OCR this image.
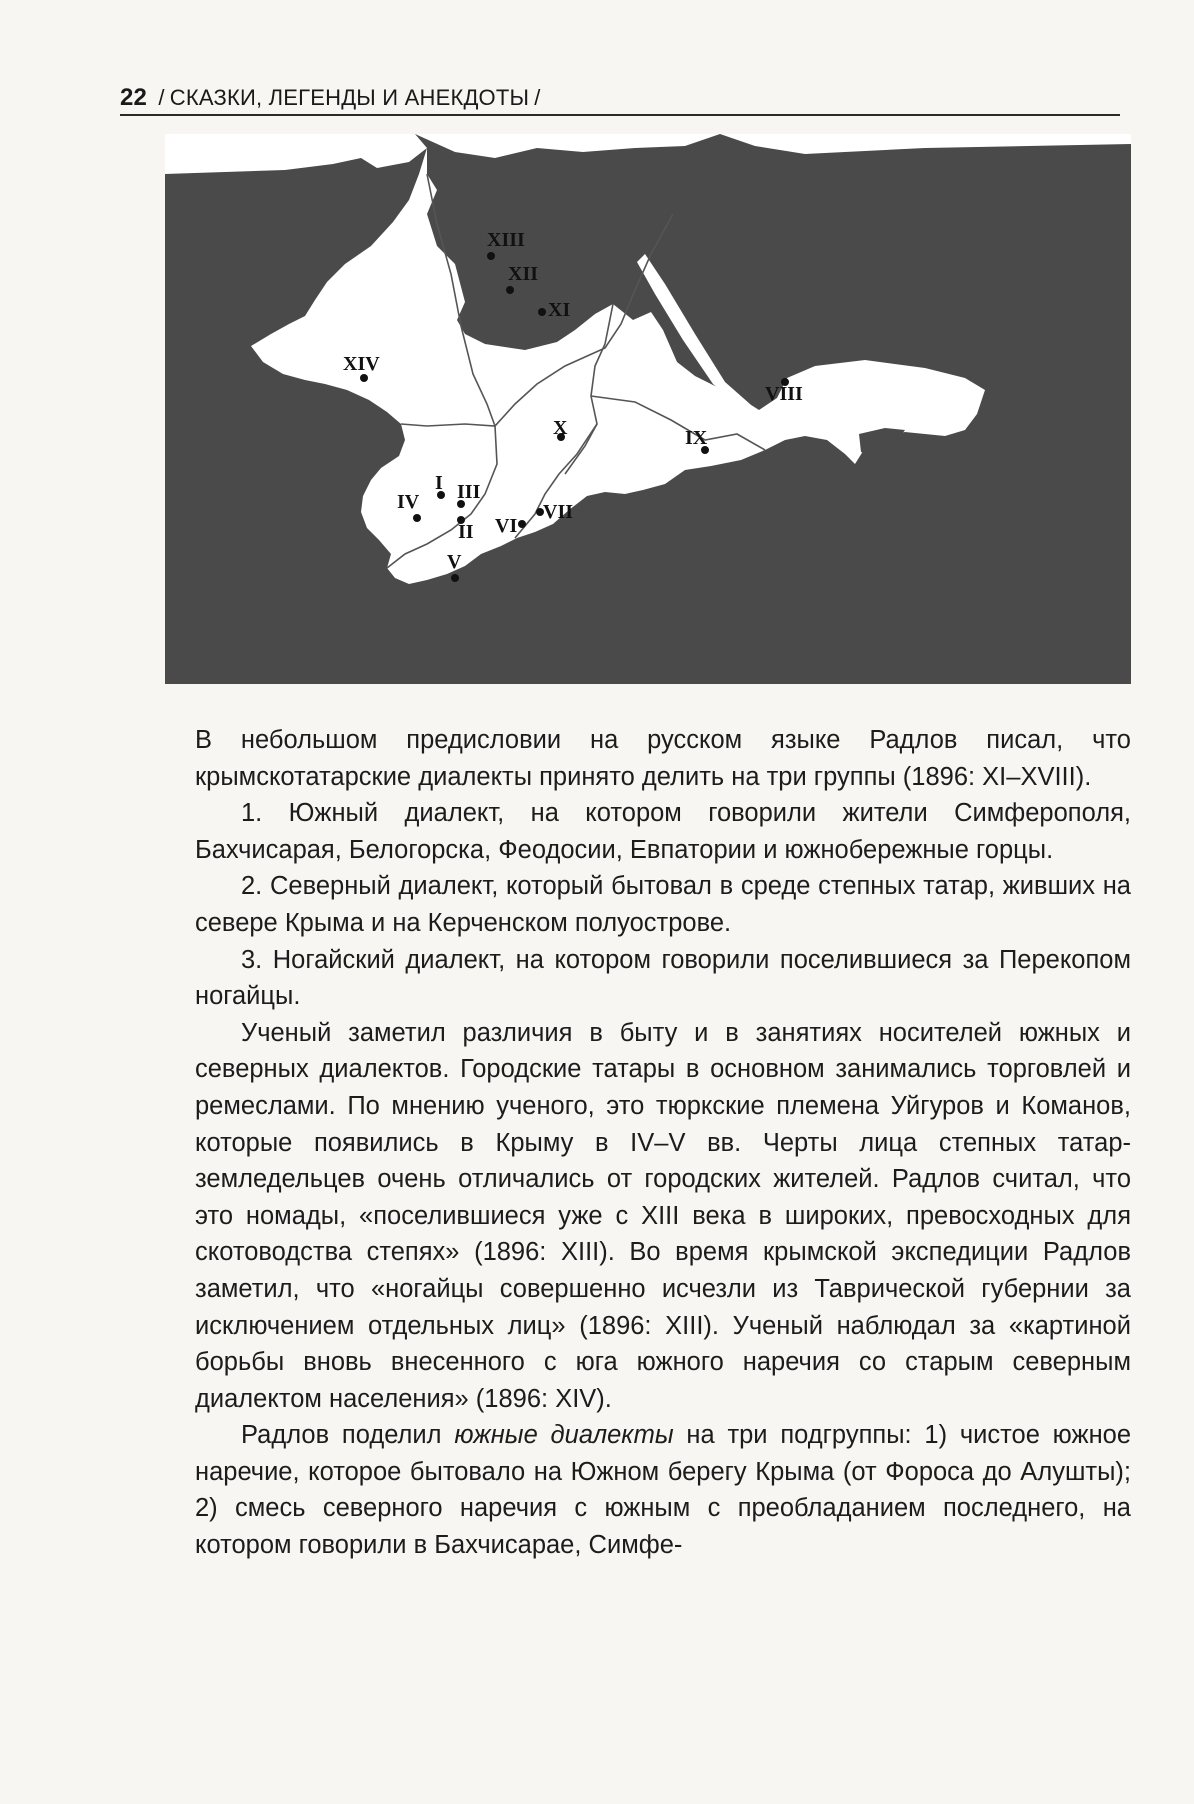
22 / СКАЗКИ, ЛЕГЕНДЫ И АНЕКДОТЫ /
XIII
XII
XI
XIV
X	IX
VIII
I
IV III
II VI
VII
V

В небольшом предисловии на русском языке Радлов писал, что крымскотатарские диалекты принято делить на три группы (1896: XI–XVIII).

1. Южный диалект, на котором говорили жители Симферополя, Бахчисарая, Белогорска, Феодосии, Евпатории и южнобережные горцы.

2. Северный диалект, который бытовал в среде степных татар, живших на севере Крыма и на Керченском полуострове.

3. Ногайский диалект, на котором говорили поселившиеся за Перекопом ногайцы.

Ученый заметил различия в быту и в занятиях носителей южных и северных диалектов. Городские татары в основном занимались торговлей и ремеслами. По мнению ученого, это тюркские племена Уйгуров и Команов, которые появились в Крыму в IV–V вв. Черты лица степных татар-земледельцев очень отличались от городских жителей. Радлов считал, что это номады, «поселившиеся уже с XIII века в широких, превосходных для скотоводства степях» (1896: XIII). Во время крымской экспедиции Радлов заметил, что «ногайцы совершенно исчезли из Таврической губернии за исключением отдельных лиц» (1896: XIII). Ученый наблюдал за «картиной борьбы вновь внесенного с юга южного наречия со старым северным диалектом населения» (1896: XIV).

Радлов поделил южные диалекты на три подгруппы: 1) чистое южное наречие, которое бытовало на Южном берегу Крыма (от Фороса до Алушты); 2) смесь северного наречия с южным с преобладанием последнего, на котором говорили в Бахчисарае, Симфе-
